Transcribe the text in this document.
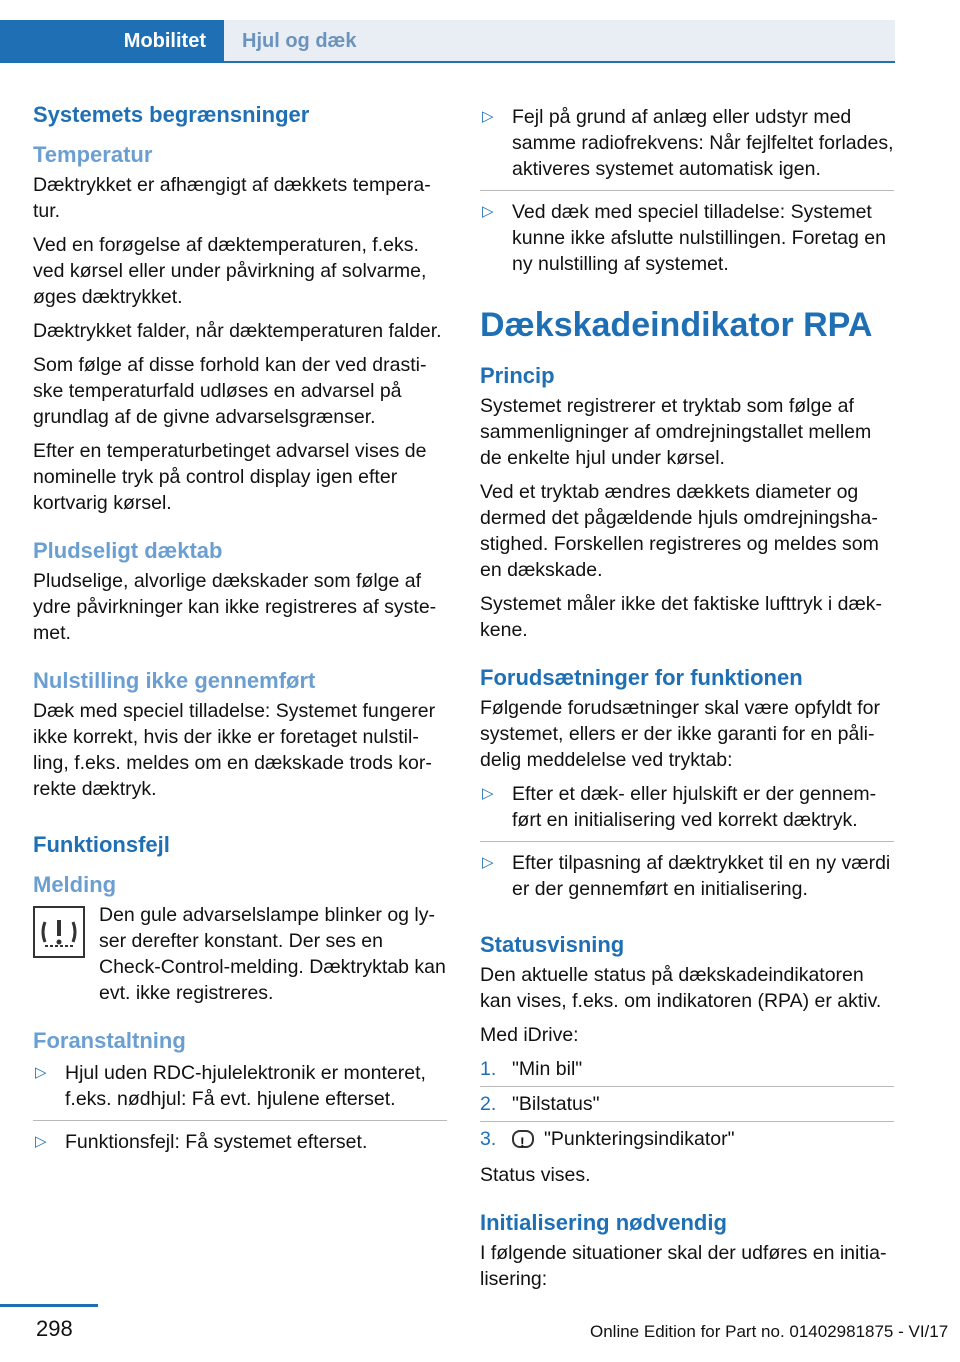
Mobilitet	Hjul og dæk
Systemets begrænsninger
Temperatur

Dæktrykket er afhængigt af dækkets temperatur.

Ved en forøgelse af dæktemperaturen, f.eks. ved kørsel eller under påvirkning af solvarme, øges dæktrykket.

Dæktrykket falder, når dæktemperaturen falder.

Som følge af disse forhold kan der ved drastiske temperaturfald udløses en advarsel på grundlag af de givne advarselsgrænser.

Efter en temperaturbetinget advarsel vises de nominelle tryk på control display igen efter kortvarig kørsel.

Pludseligt dæktab

Pludselige, alvorlige dækskader som følge af ydre påvirkninger kan ikke registreres af systemet.

Nulstilling ikke gennemført

Dæk med speciel tilladelse: Systemet fungerer ikke korrekt, hvis der ikke er foretaget nulstilling, f.eks. meldes om en dækskade trods korrekte dæktryk.

Funktionsfejl
Melding
Den gule advarselslampe blinker og lyser derefter konstant. Der ses en Check-Control-melding. Dæktryktab kan evt. ikke registreres.
Foranstaltning
▷ Hjul uden RDC-hjulelektronik er monteret, f.eks. nødhjul: Få evt. hjulene efterset.
▷ Funktionsfejl: Få systemet efterset.
▷ Fejl på grund af anlæg eller udstyr med samme radiofrekvens: Når fejlfeltet forlades, aktiveres systemet automatisk igen.
▷ Ved dæk med speciel tilladelse: Systemet kunne ikke afslutte nulstillingen. Foretag en ny nulstilling af systemet.
Dækskadeindikator RPA
Princip

Systemet registrerer et tryktab som følge af sammenligninger af omdrejningstallet mellem de enkelte hjul under kørsel.

Ved et tryktab ændres dækkets diameter og dermed det pågældende hjuls omdrejningshastighed. Forskellen registreres og meldes som en dækskade.

Systemet måler ikke det faktiske lufttryk i dækkene.

Forudsætninger for funktionen

Følgende forudsætninger skal være opfyldt for systemet, ellers er der ikke garanti for en pålidelig meddelelse ved tryktab:

▷ Efter et dæk- eller hjulskift er der gennemført en initialisering ved korrekt dæktryk.
▷ Efter tilpasning af dæktrykket til en ny værdi er der gennemført en initialisering.
Statusvisning

Den aktuelle status på dækskadeindikatoren kan vises, f.eks. om indikatoren (RPA) er aktiv.

Med iDrive:

1. "Min bil"
2. "Bilstatus"
3.
! "Punkteringsindikator"

Status vises.

Initialisering nødvendig

I følgende situationer skal der udføres en initialisering:

298	Online Edition for Part no. 01402981875 - VI/17
